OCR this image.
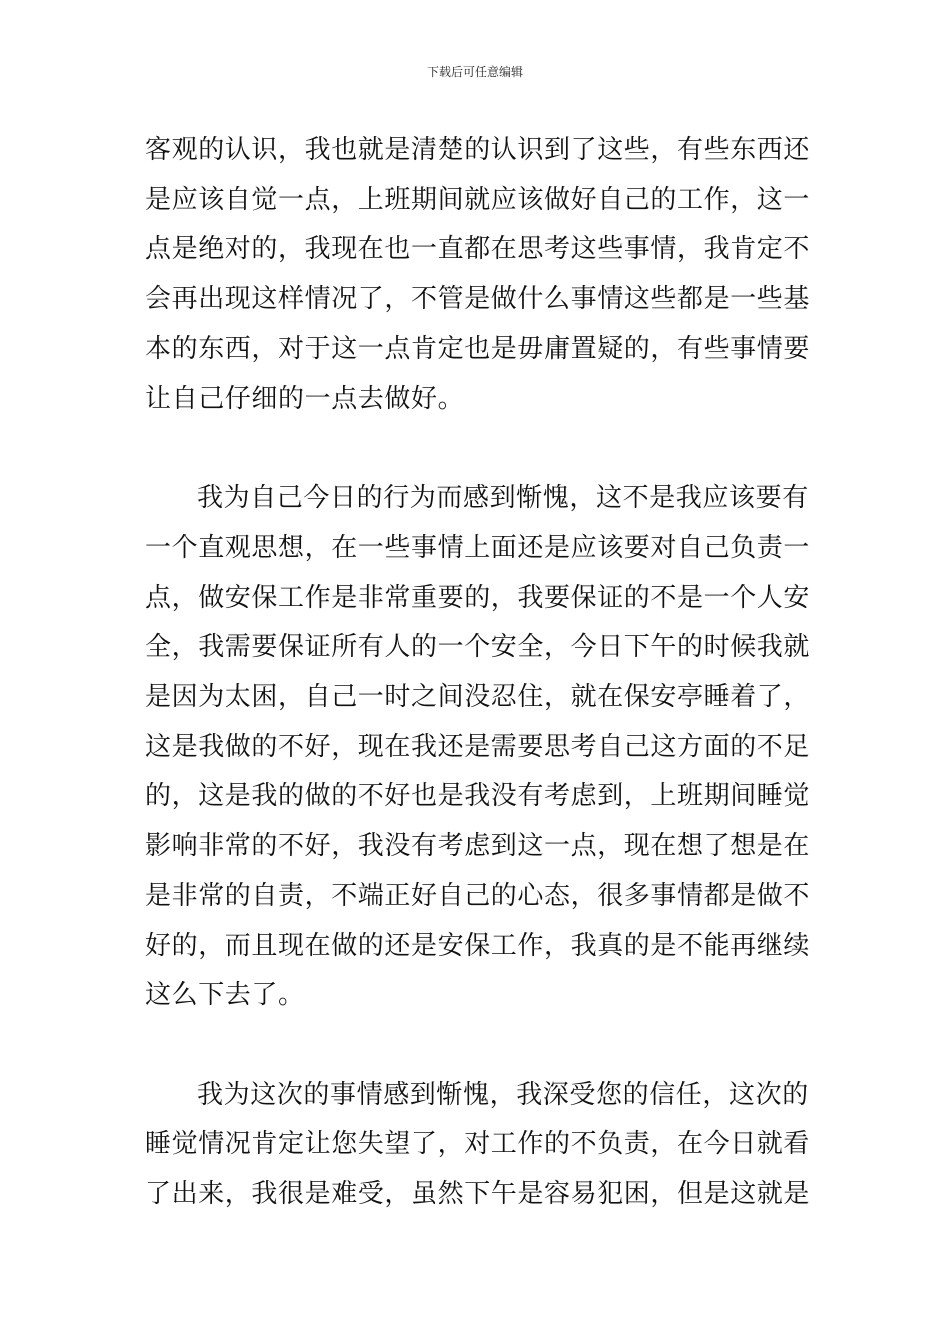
下载后可任意编辑
客观的认识，我也就是清楚的认识到了这些，有些东西还
是应该自觉一点，上班期间就应该做好自己的工作，这一
点是绝对的，我现在也一直都在思考这些事情，我肯定不
会再出现这样情况了，不管是做什么事情这些都是一些基
本的东西，对于这一点肯定也是毋庸置疑的，有些事情要
让自己仔细的一点去做好。
我为自己今日的行为而感到惭愧，这不是我应该要有
一个直观思想，在一些事情上面还是应该要对自己负责一
点，做安保工作是非常重要的，我要保证的不是一个人安
全，我需要保证所有人的一个安全，今日下午的时候我就
是因为太困，自己一时之间没忍住，就在保安亭睡着了，
这是我做的不好，现在我还是需要思考自己这方面的不足
的，这是我的做的不好也是我没有考虑到，上班期间睡觉
影响非常的不好，我没有考虑到这一点，现在想了想是在
是非常的自责，不端正好自己的心态，很多事情都是做不
好的，而且现在做的还是安保工作，我真的是不能再继续
这么下去了。
我为这次的事情感到惭愧，我深受您的信任，这次的
睡觉情况肯定让您失望了，对工作的不负责，在今日就看
了出来，我很是难受，虽然下午是容易犯困，但是这就是
